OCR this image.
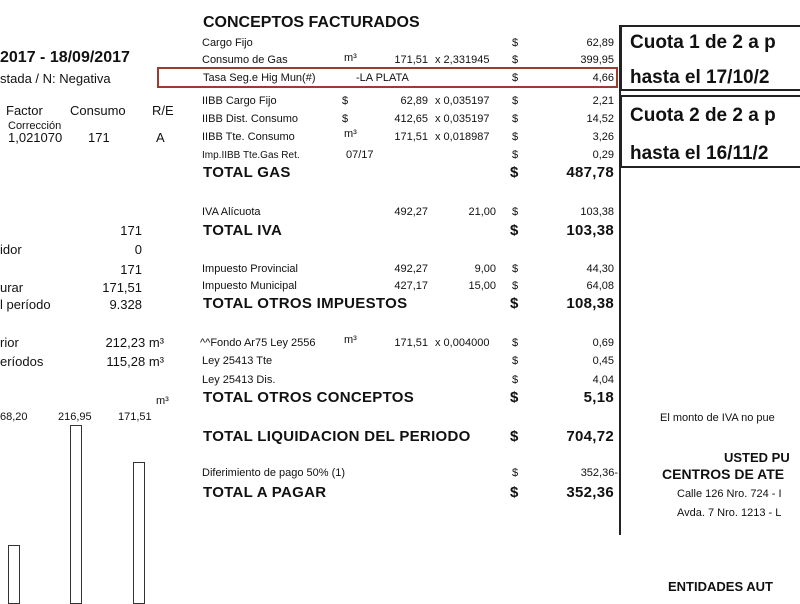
2017 - 18/09/2017
stada / N: Negativa
Factor Consumo R/E
Corrección
1,021070 171	A
171
idor	0
171
urar	171,51
l período	9.328
rior	212,23 m³
eríodos	115,28 m³
m³
68,20	216,95 171,51
CONCEPTOS FACTURADOS
Cargo Fijo	$	62,89
Consumo de Gas	m³	171,51 x 2,331945 $	399,95
Tasa Seg.e Hig Mun(#)	-LA PLATA	$	4,66
IIBB Cargo Fijo	$	62,89 x 0,035197 $	2,21
IIBB Dist. Consumo	$	412,65 x 0,035197 $	14,52
IIBB Tte. Consumo	m³	171,51 x 0,018987 $	3,26
Imp.IIBB Tte.Gas Ret.	07/17	$	0,29
TOTAL GAS	$	487,78
IVA Alícuota	492,27	21,00 $	103,38
TOTAL IVA	$	103,38
Impuesto Provincial	492,27	9,00 $	44,30
Impuesto Municipal	427,17	15,00 $	64,08
TOTAL OTROS IMPUESTOS	$	108,38
^^Fondo Ar75 Ley 2556	m³	171,51 x 0,004000 $	0,69
Ley 25413 Tte	$	0,45
Ley 25413 Dis.	$	4,04
TOTAL OTROS CONCEPTOS	$	5,18
TOTAL LIQUIDACION DEL PERIODO	$	704,72
Diferimiento de pago 50% (1)	$	352,36-
TOTAL A PAGAR	$	352,36
Cuota 1 de 2 a p
hasta el 17/10/2
Cuota 2 de 2 a p
hasta el 16/11/2
El monto de IVA no pue
USTED PU
CENTROS DE ATE
Calle 126 Nro. 724 - I
Avda. 7 Nro. 1213 - L
ENTIDADES AUT
